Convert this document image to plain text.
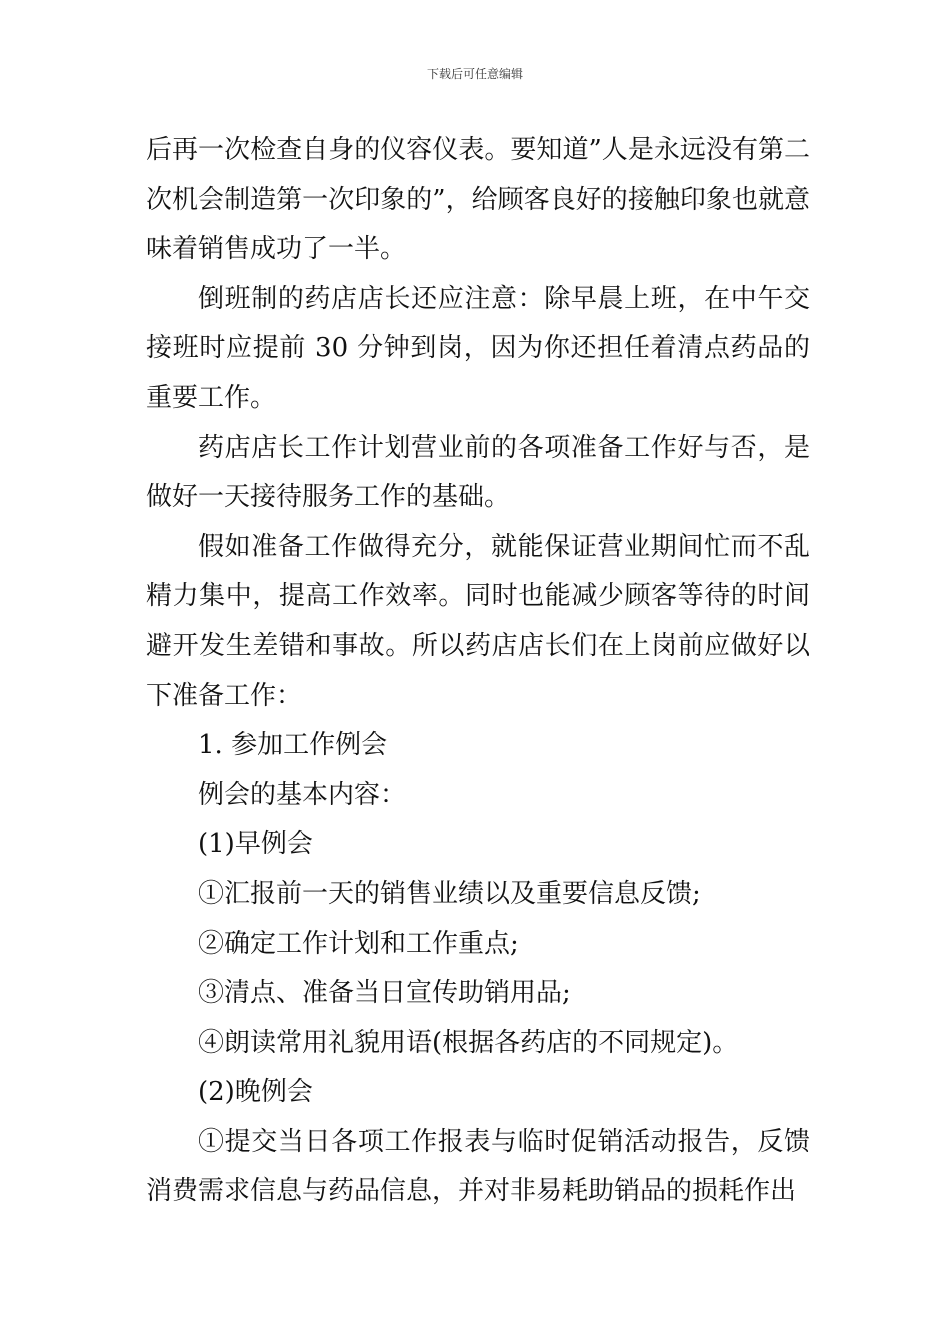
下载后可任意编辑

后再一次检查自身的仪容仪表。要知道”人是永远没有第二次机会制造第一次印象的”，给顾客良好的接触印象也就意味着销售成功了一半。

倒班制的药店店长还应注意：除早晨上班，在中午交接班时应提前 30 分钟到岗，因为你还担任着清点药品的重要工作。

药店店长工作计划营业前的各项准备工作好与否，是做好一天接待服务工作的基础。

假如准备工作做得充分，就能保证营业期间忙而不乱精力集中，提高工作效率。同时也能减少顾客等待的时间避开发生差错和事故。所以药店店长们在上岗前应做好以下准备工作：

1. 参加工作例会

例会的基本内容：

(1)早例会

①汇报前一天的销售业绩以及重要信息反馈;

②确定工作计划和工作重点;

③清点、准备当日宣传助销用品;

④朗读常用礼貌用语(根据各药店的不同规定)。

(2)晚例会

①提交当日各项工作报表与临时促销活动报告，反馈消费需求信息与药品信息，并对非易耗助销品的损耗作出
